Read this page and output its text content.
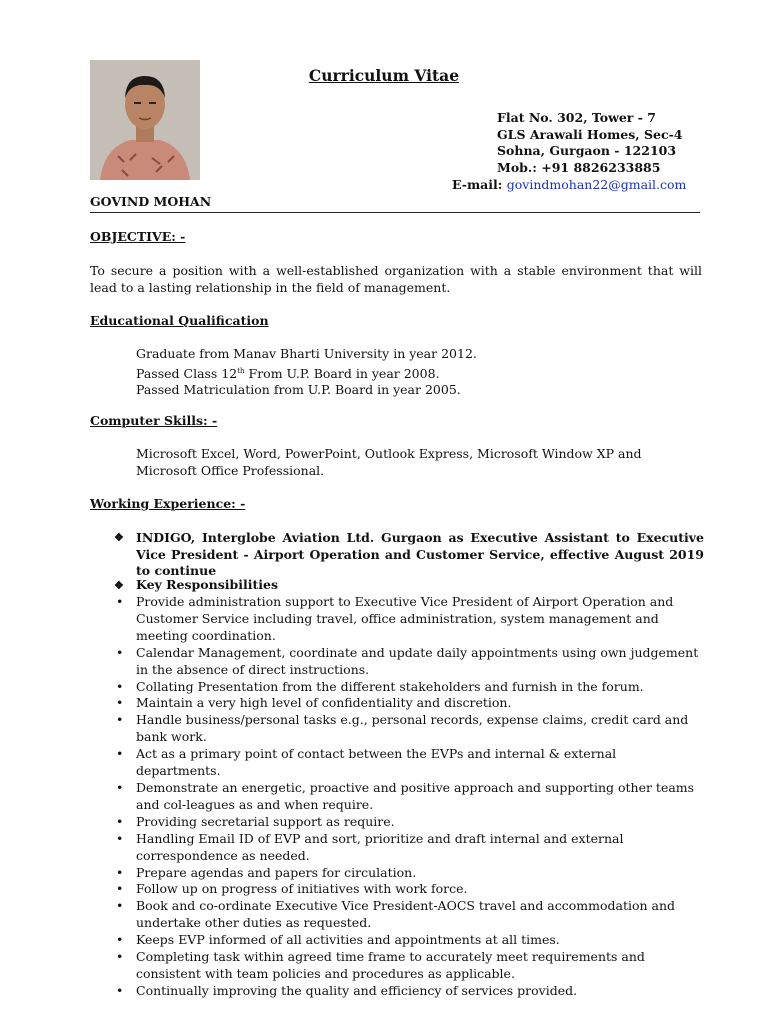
Curriculum Vitae
Flat No. 302, Tower - 7
GLS Arawali Homes, Sec-4
Sohna, Gurgaon - 122103
Mob.: +91 8826233885
E-mail: govindmohan22@gmail.com
GOVIND MOHAN
OBJECTIVE: -
To secure a position with a well-established organization with a stable environment that will lead to a lasting relationship in the field of management.
Educational Qualification
Graduate from Manav Bharti University in year 2012.
Passed Class 12th From U.P. Board in year 2008.
Passed Matriculation from U.P. Board in year 2005.
Computer Skills: -
Microsoft Excel, Word, PowerPoint, Outlook Express, Microsoft Window XP and Microsoft Office Professional.
Working Experience: -
❖ INDIGO, Interglobe Aviation Ltd. Gurgaon as Executive Assistant to Executive Vice President - Airport Operation and Customer Service, effective August 2019 to continue
❖ Key Responsibilities
• Provide administration support to Executive Vice President of Airport Operation and Customer Service including travel, office administration, system management and meeting coordination.
• Calendar Management, coordinate and update daily appointments using own judgement in the absence of direct instructions.
• Collating Presentation from the different stakeholders and furnish in the forum.
• Maintain a very high level of confidentiality and discretion.
• Handle business/personal tasks e.g., personal records, expense claims, credit card and bank work.
• Act as a primary point of contact between the EVPs and internal & external departments.
• Demonstrate an energetic, proactive and positive approach and supporting other teams and col-leagues as and when require.
• Providing secretarial support as require.
• Handling Email ID of EVP and sort, prioritize and draft internal and external correspondence as needed.
• Prepare agendas and papers for circulation.
• Follow up on progress of initiatives with work force.
• Book and co-ordinate Executive Vice President-AOCS travel and accommodation and undertake other duties as requested.
• Keeps EVP informed of all activities and appointments at all times.
• Completing task within agreed time frame to accurately meet requirements and consistent with team policies and procedures as applicable.
• Continually improving the quality and efficiency of services provided.
